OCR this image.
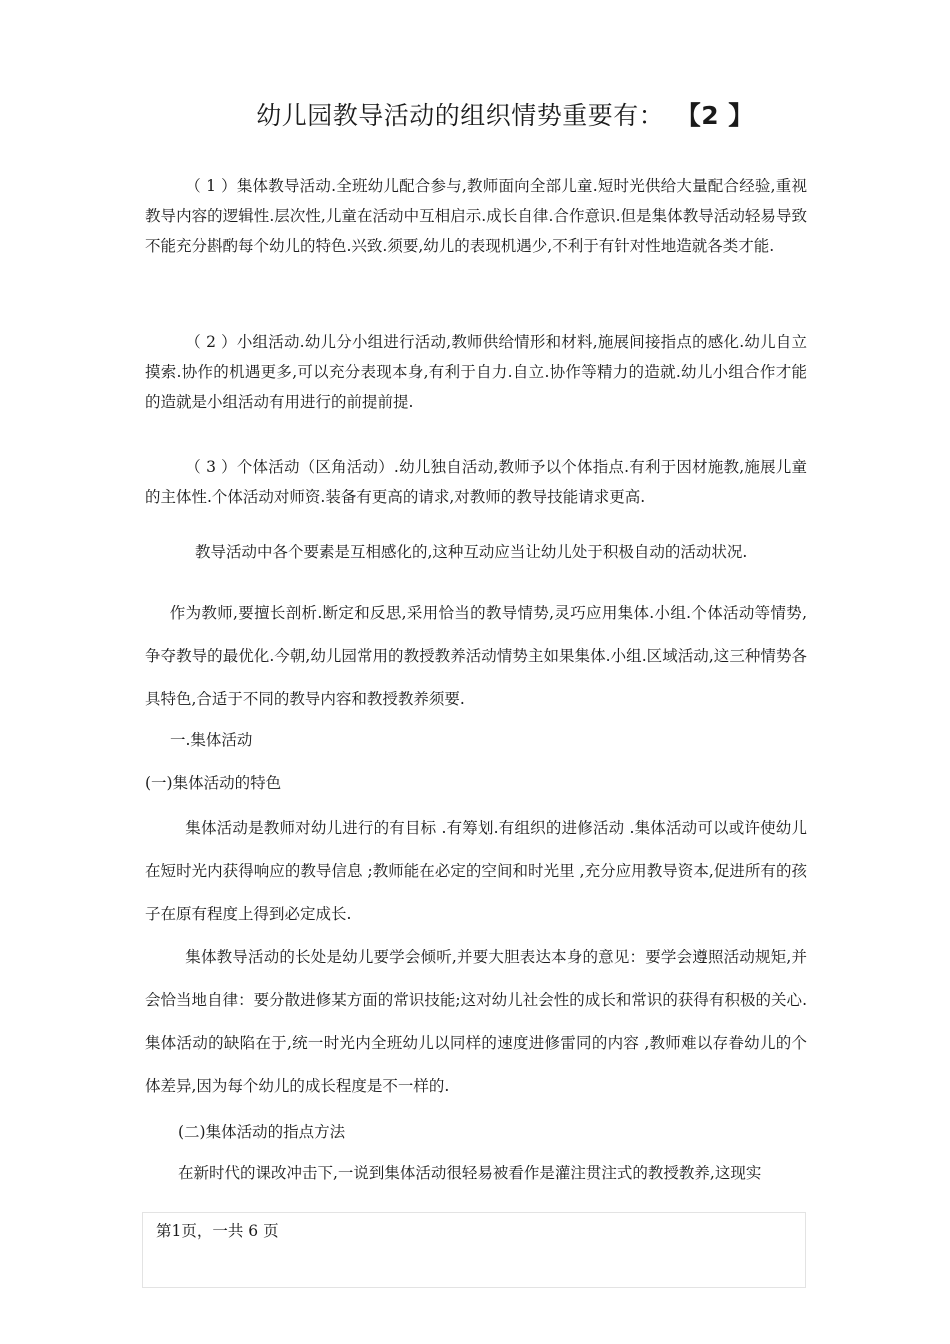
幼儿园教导活动的组织情势重要有： 【2 】

（ 1 ）集体教导活动.全班幼儿配合参与,教师面向全部儿童.短时光供给大量配合经验,重视教导内容的逻辑性.层次性,儿童在活动中互相启示.成长自律.合作意识.但是集体教导活动轻易导致不能充分斟酌每个幼儿的特色.兴致.须要,幼儿的表现机遇少,不利于有针对性地造就各类才能.

（ 2 ）小组活动.幼儿分小组进行活动,教师供给情形和材料,施展间接指点的感化.幼儿自立摸索.协作的机遇更多,可以充分表现本身,有利于自力.自立.协作等精力的造就.幼儿小组合作才能的造就是小组活动有用进行的前提前提.

（ 3 ）个体活动（区角活动）.幼儿独自活动,教师予以个体指点.有利于因材施教,施展儿童的主体性.个体活动对师资.装备有更高的请求,对教师的教导技能请求更高.

教导活动中各个要素是互相感化的,这种互动应当让幼儿处于积极自动的活动状况.

作为教师,要擅长剖析.断定和反思,采用恰当的教导情势,灵巧应用集体.小组.个体活动等情势,争夺教导的最优化.今朝,幼儿园常用的教授教养活动情势主如果集体.小组.区域活动,这三种情势各具特色,合适于不同的教导内容和教授教养须要.

一.集体活动

(一)集体活动的特色

集体活动是教师对幼儿进行的有目标 .有筹划.有组织的进修活动 .集体活动可以或许使幼儿在短时光内获得响应的教导信息 ;教师能在必定的空间和时光里 ,充分应用教导资本,促进所有的孩子在原有程度上得到必定成长.

集体教导活动的长处是幼儿要学会倾听,并要大胆表达本身的意见：要学会遵照活动规矩,并会恰当地自律：要分散进修某方面的常识技能;这对幼儿社会性的成长和常识的获得有积极的关心.集体活动的缺陷在于,统一时光内全班幼儿以同样的速度进修雷同的内容 ,教师难以存眷幼儿的个体差异,因为每个幼儿的成长程度是不一样的.

(二)集体活动的指点方法

在新时代的课改冲击下,一说到集体活动很轻易被看作是灌注贯注式的教授教养,这现实

第1页，一共 6 页
